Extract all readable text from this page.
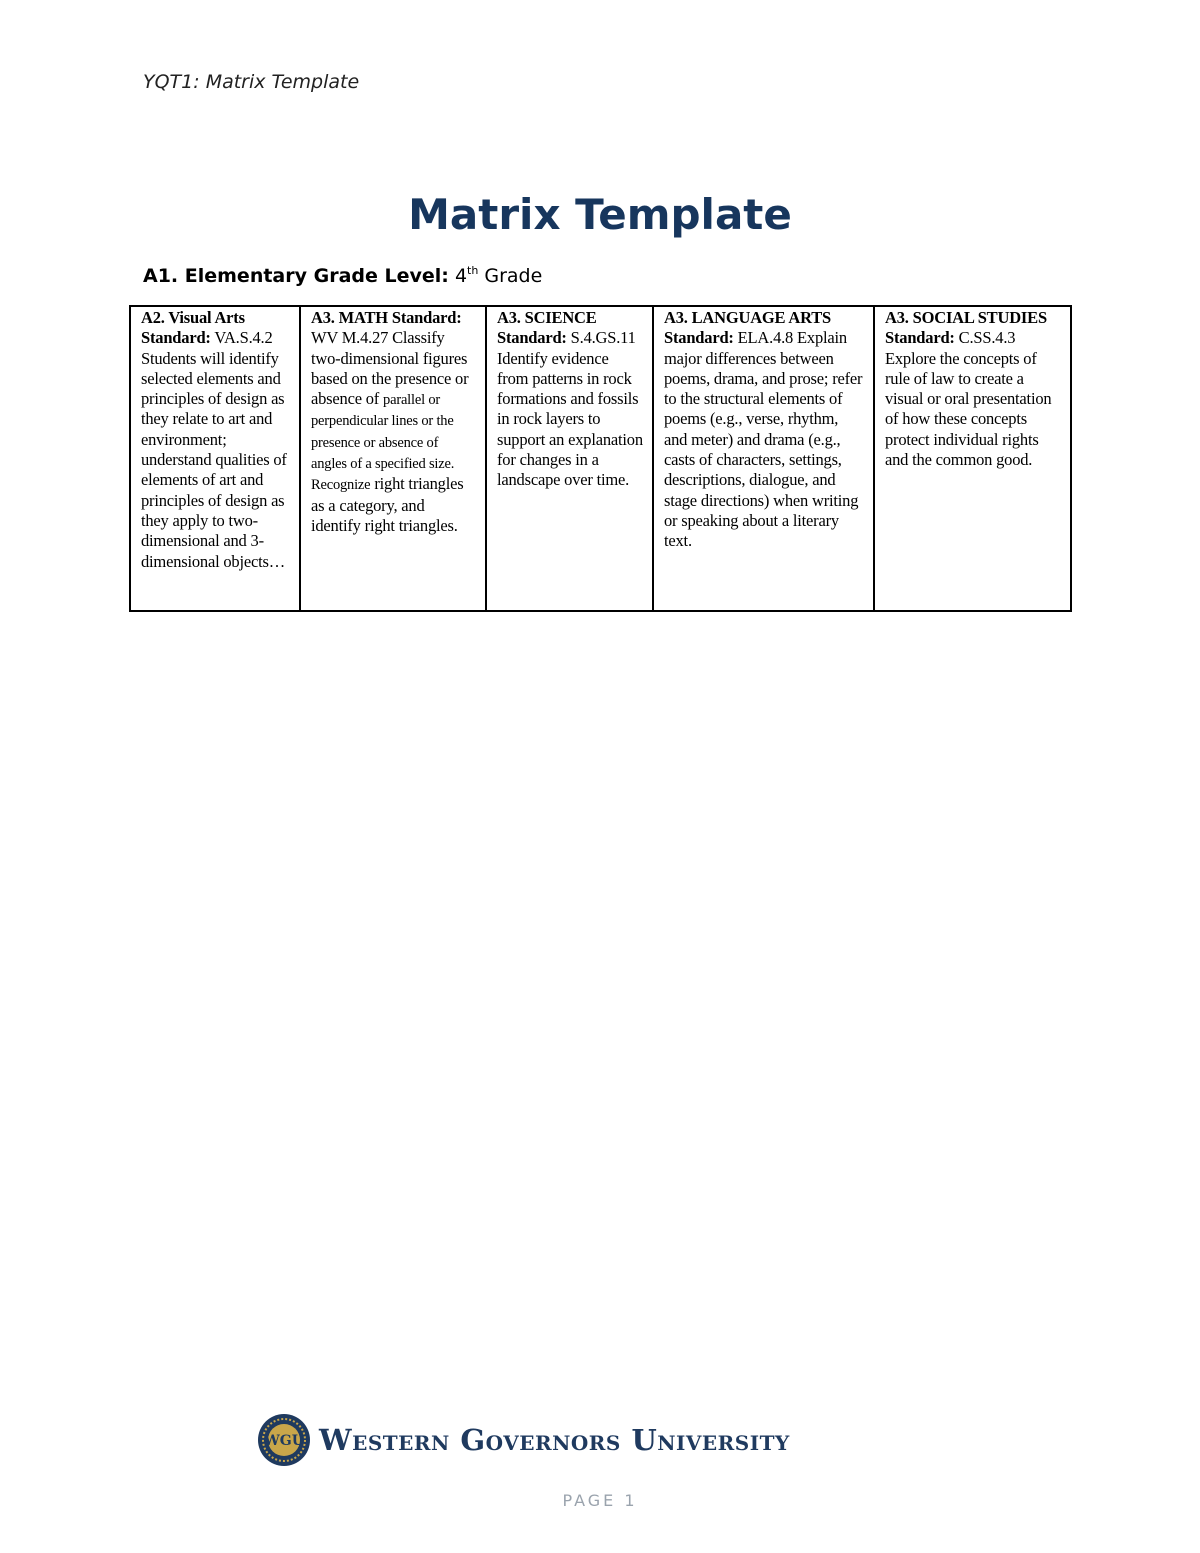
YQT1: Matrix Template
Matrix Template
A1. Elementary Grade Level: 4th Grade
A2. Visual Arts Standard: VA.S.4.2 Students will identify selected elements and principles of design as they relate to art and environment; understand qualities of elements of art and principles of design as they apply to two-dimensional and 3-dimensional objects…	A3. MATH Standard: WV M.4.27 Classify two-dimensional figures based on the presence or absence of parallel or perpendicular lines or the presence or absence of angles of a specified size. Recognize right triangles as a category, and identify right triangles.	A3. SCIENCE Standard: S.4.GS.11 Identify evidence from patterns in rock formations and fossils in rock layers to support an explanation for changes in a landscape over time.	A3. LANGUAGE ARTS Standard: ELA.4.8 Explain major differences between poems, drama, and prose; refer to the structural elements of poems (e.g., verse, rhythm, and meter) and drama (e.g., casts of characters, settings, descriptions, dialogue, and stage directions) when writing or speaking about a literary text.	A3. SOCIAL STUDIES Standard: C.SS.4.3 Explore the concepts of rule of law to create a visual or oral presentation of how these concepts protect individual rights and the common good.
WGU Western Governors University
PAGE 1
